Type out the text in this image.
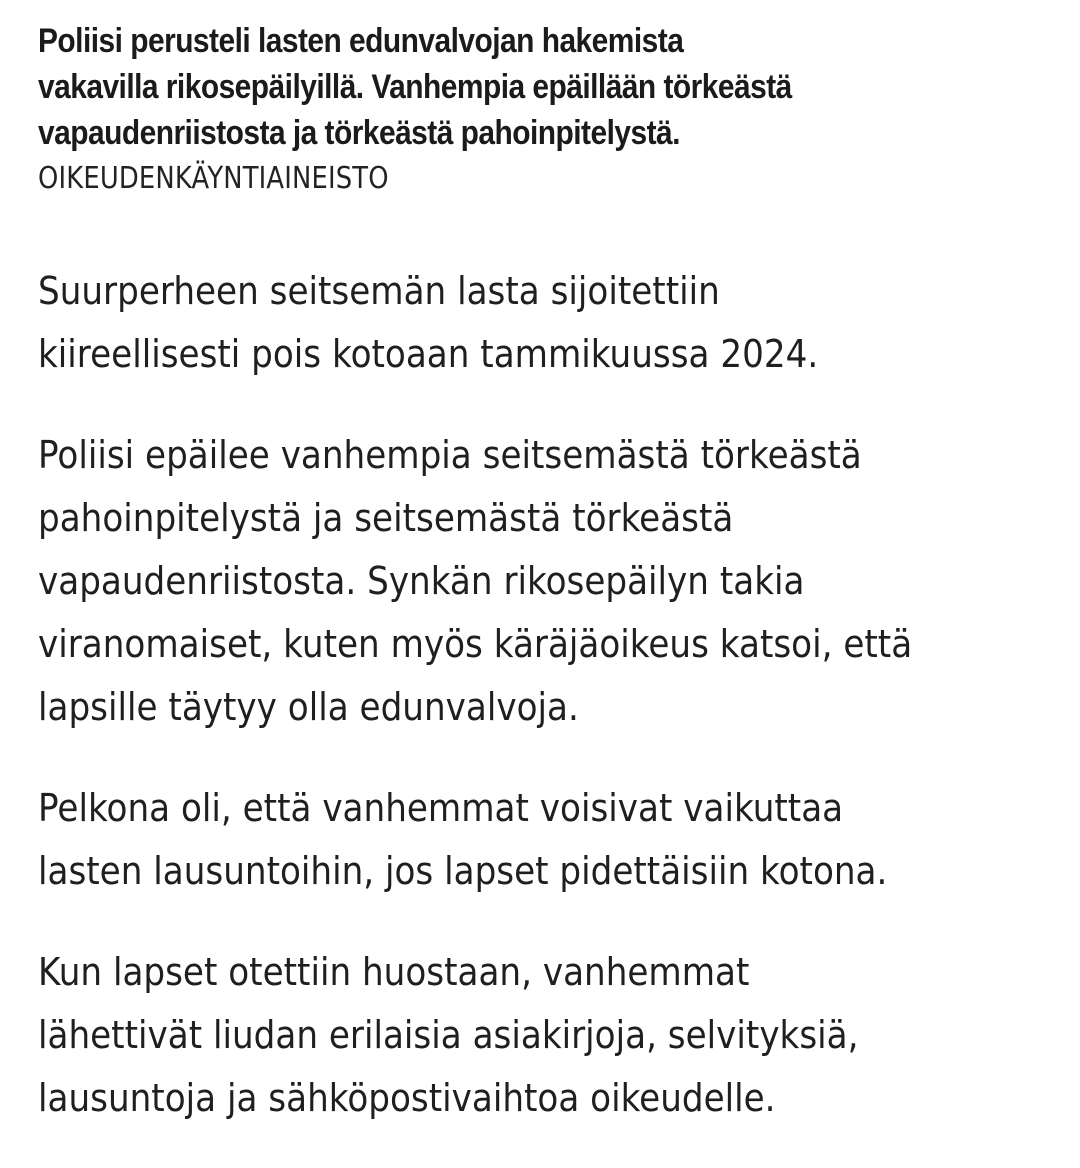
Poliisi perusteli lasten edunvalvojan hakemista
vakavilla rikosepäilyillä. Vanhempia epäillään törkeästä
vapaudenriistosta ja törkeästä pahoinpitelystä.
OIKEUDENKÄYNTIAINEISTO
Suurperheen seitsemän lasta sijoitettiin
kiireellisesti pois kotoaan tammikuussa 2024.
Poliisi epäilee vanhempia seitsemästä törkeästä
pahoinpitelystä ja seitsemästä törkeästä
vapaudenriistosta. Synkän rikosepäilyn takia
viranomaiset, kuten myös käräjäoikeus katsoi, että
lapsille täytyy olla edunvalvoja.
Pelkona oli, että vanhemmat voisivat vaikuttaa
lasten lausuntoihin, jos lapset pidettäisiin kotona.
Kun lapset otettiin huostaan, vanhemmat
lähettivät liudan erilaisia asiakirjoja, selvityksiä,
lausuntoja ja sähköpostivaihtoa oikeudelle.
